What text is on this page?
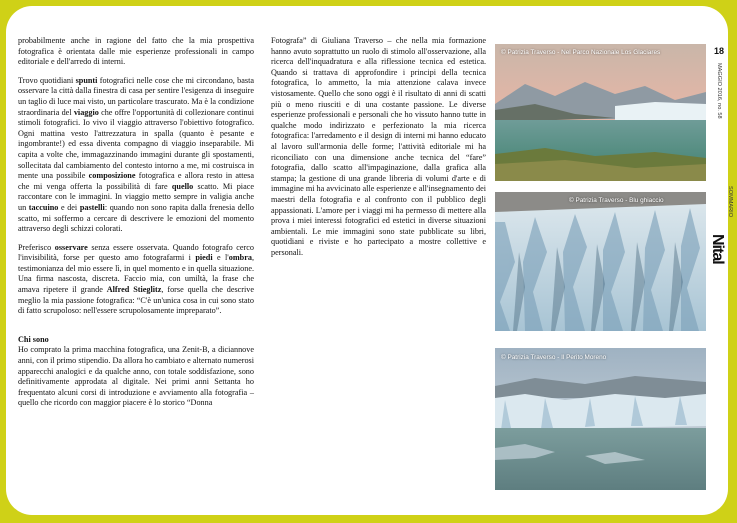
probabilmente anche in ragione del fatto che la mia prospettiva fotografica è orientata dalle mie esperienze professionali in campo editoriale e dell'arredo di interni.

Trovo quotidiani spunti fotografici nelle cose che mi circondano, basta osservare la città dalla finestra di casa per sentire l'esigenza di inseguire un taglio di luce mai visto, un particolare trascurato. Ma è la condizione straordinaria del viaggio che offre l'opportunità di collezionare continui stimoli fotografici. Io vivo il viaggio attraverso l'obiettivo fotografico. Ogni mattina vesto l'attrezzatura in spalla (quanto è pesante e ingombrante!) ed essa diventa compagno di viaggio inseparabile. Mi capita a volte che, immagazzinando immagini durante gli spostamenti, sollecitata dal cambiamento del contesto intorno a me, mi costruisca in mente una possibile composizione fotografica e allora resto in attesa che mi venga offerta la possibilità di fare quello scatto. Mi piace raccontare con le immagini. In viaggio metto sempre in valigia anche un taccuino e dei pastelli: quando non sono rapita dalla frenesia dello scatto, mi soffermo a cercare di descrivere le emozioni del momento attraverso degli schizzi colorati.

Preferisco osservare senza essere osservata. Quando fotografo cerco l'invisibilità, forse per questo amo fotografarmi i piedi e l'ombra, testimonianza del mio essere lì, in quel momento e in quella situazione. Una firma nascosta, discreta. Faccio mia, con umiltà, la frase che amava ripetere il grande Alfred Stieglitz, forse quella che descrive meglio la mia passione fotografica: “C'è un'unica cosa in cui sono stato di fatto scrupoloso: nell'essere scrupolosamente impreparato”.

Chi sono

Ho comprato la prima macchina fotografica, una Zenit-B, a diciannove anni, con il primo stipendio. Da allora ho cambiato e alternato numerosi apparecchi analogici e da qualche anno, con totale soddisfazione, sono definitivamente approdata al digitale. Nei primi anni Settanta ho frequentato alcuni corsi di introduzione e avviamento alla fotografia – quello che ricordo con maggior piacere è lo storico “Donna

Fotografa” di Giuliana Traverso – che nella mia formazione hanno avuto soprattutto un ruolo di stimolo all'osservazione, alla ricerca dell'inquadratura e alla riflessione tecnica ed estetica. Quando si trattava di approfondire i principi della tecnica fotografica, lo ammetto, la mia attenzione calava invece vistosamente. Quello che sono oggi è il risultato di anni di scatti più o meno riusciti e di una costante passione. Le diverse esperienze professionali e personali che ho vissuto hanno tutte in qualche modo indirizzato e perfezionato la mia ricerca fotografica: l'arredamento e il design di interni mi hanno educato al lavoro sull'armonia delle forme; l'attività editoriale mi ha riconciliato con una dimensione anche tecnica del “fare” fotografia, dallo scatto all'impaginazione, dalla grafica alla stampa; la gestione di una grande libreria di volumi d'arte e di immagine mi ha avvicinato alle esperienze e all'insegnamento dei maestri della fotografia e al confronto con il pubblico degli appassionati. L'amore per i viaggi mi ha permesso di mettere alla prova i miei interessi fotografici ed estetici in diverse situazioni ambientali. Le mie immagini sono state pubblicate su libri, quotidiani e riviste e ho partecipato a mostre collettive e personali.

© Patrizia Traverso - Nel Parco Nazionale Los Glaciares
© Patrizia Traverso - Blu ghiaccio
© Patrizia Traverso - Il Perito Moreno
18
MAGGIO 2016, no. 58
SOMMARIO
Nital
